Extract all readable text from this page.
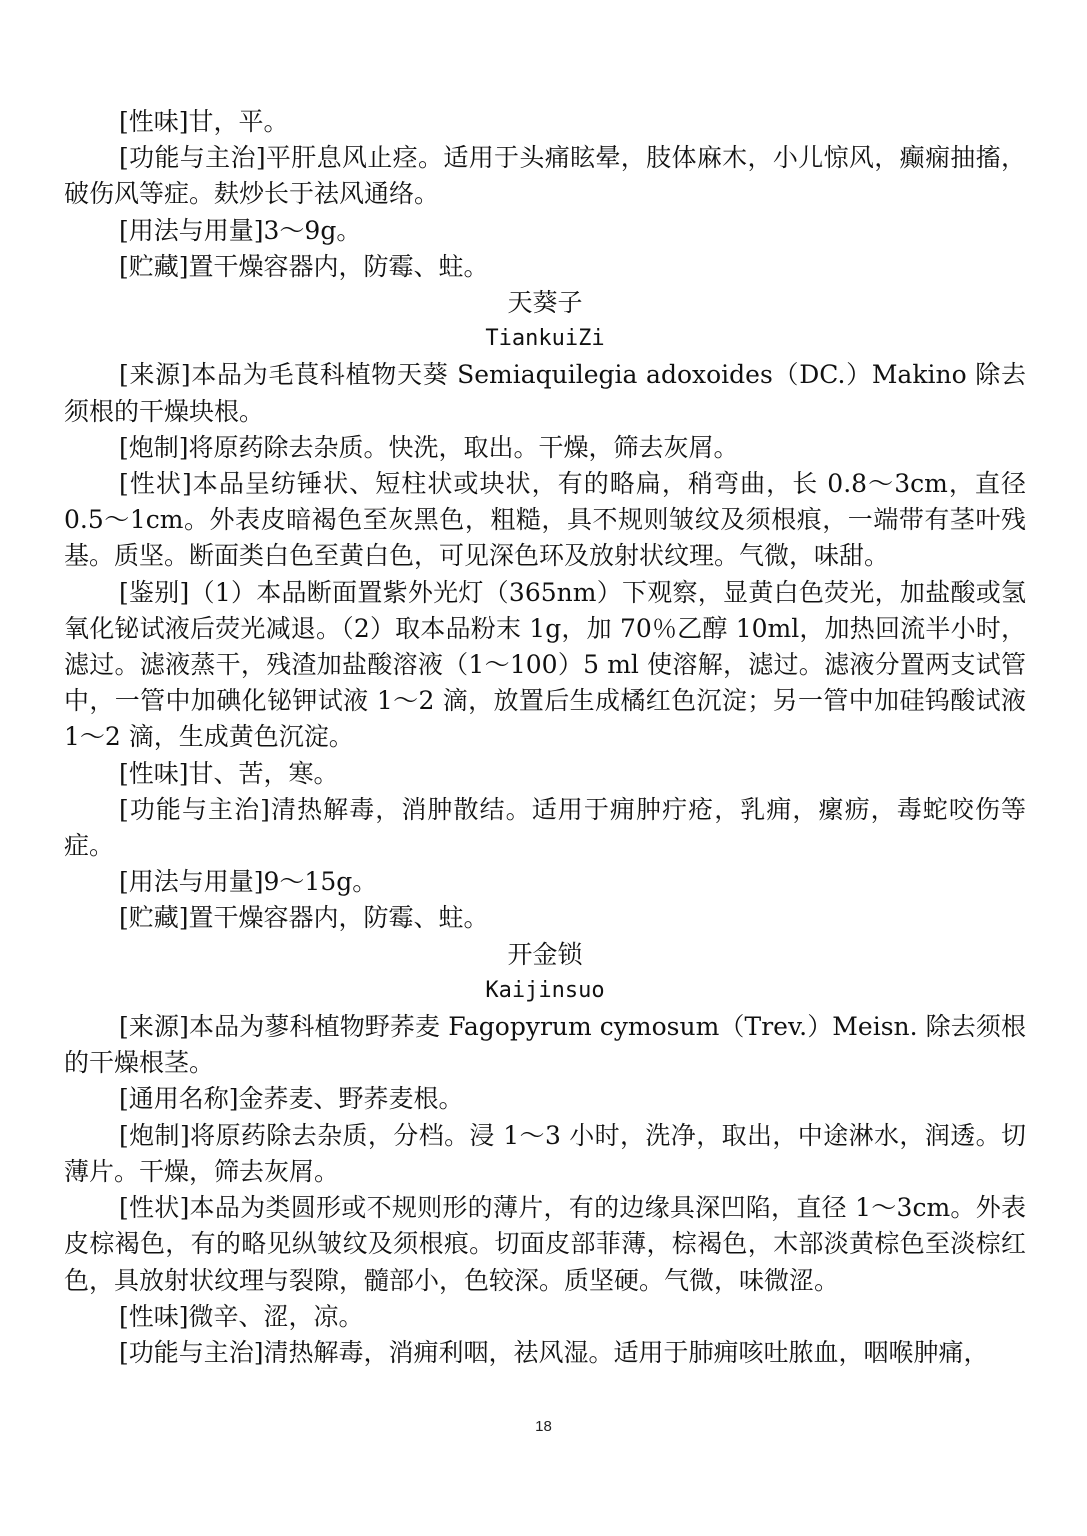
[性味]甘，平。

[功能与主治]平肝息风止痉。适用于头痛眩晕，肢体麻木，小儿惊风，癫痫抽搐，破伤风等症。麸炒长于祛风通络。

[用法与用量]3～9g。

[贮藏]置干燥容器内，防霉、蛀。

天葵子

TiankuiZi

[来源]本品为毛茛科植物天葵 Semiaquilegia adoxoides（DC.）Makino 除去须根的干燥块根。

[炮制]将原药除去杂质。快洗，取出。干燥，筛去灰屑。

[性状]本品呈纺锤状、短柱状或块状，有的略扁，稍弯曲，长 0.8～3cm，直径 0.5～1cm。外表皮暗褐色至灰黑色，粗糙，具不规则皱纹及须根痕，一端带有茎叶残基。质坚。断面类白色至黄白色，可见深色环及放射状纹理。气微，味甜。

[鉴别]（1）本品断面置紫外光灯（365nm）下观察，显黄白色荧光，加盐酸或氢氧化铋试液后荧光减退。（2）取本品粉末 1g，加 70％乙醇 10ml，加热回流半小时，滤过。滤液蒸干，残渣加盐酸溶液（1～100）5 ml 使溶解，滤过。滤液分置两支试管中，一管中加碘化铋钾试液 1～2 滴，放置后生成橘红色沉淀；另一管中加硅钨酸试液 1～2 滴，生成黄色沉淀。

[性味]甘、苦，寒。

[功能与主治]清热解毒，消肿散结。适用于痈肿疔疮，乳痈，瘰疬，毒蛇咬伤等症。

[用法与用量]9～15g。

[贮藏]置干燥容器内，防霉、蛀。

开金锁

Kaijinsuo

[来源]本品为蓼科植物野荞麦 Fagopyrum cymosum（Trev.）Meisn. 除去须根的干燥根茎。

[通用名称]金荞麦、野荞麦根。

[炮制]将原药除去杂质，分档。浸 1～3 小时，洗净，取出，中途淋水，润透。切薄片。干燥，筛去灰屑。

[性状]本品为类圆形或不规则形的薄片，有的边缘具深凹陷，直径 1～3cm。外表皮棕褐色，有的略见纵皱纹及须根痕。切面皮部菲薄，棕褐色，木部淡黄棕色至淡棕红色，具放射状纹理与裂隙，髓部小，色较深。质坚硬。气微，味微涩。

[性味]微辛、涩，凉。

[功能与主治]清热解毒，消痈利咽，祛风湿。适用于肺痈咳吐脓血，咽喉肿痛，

18
